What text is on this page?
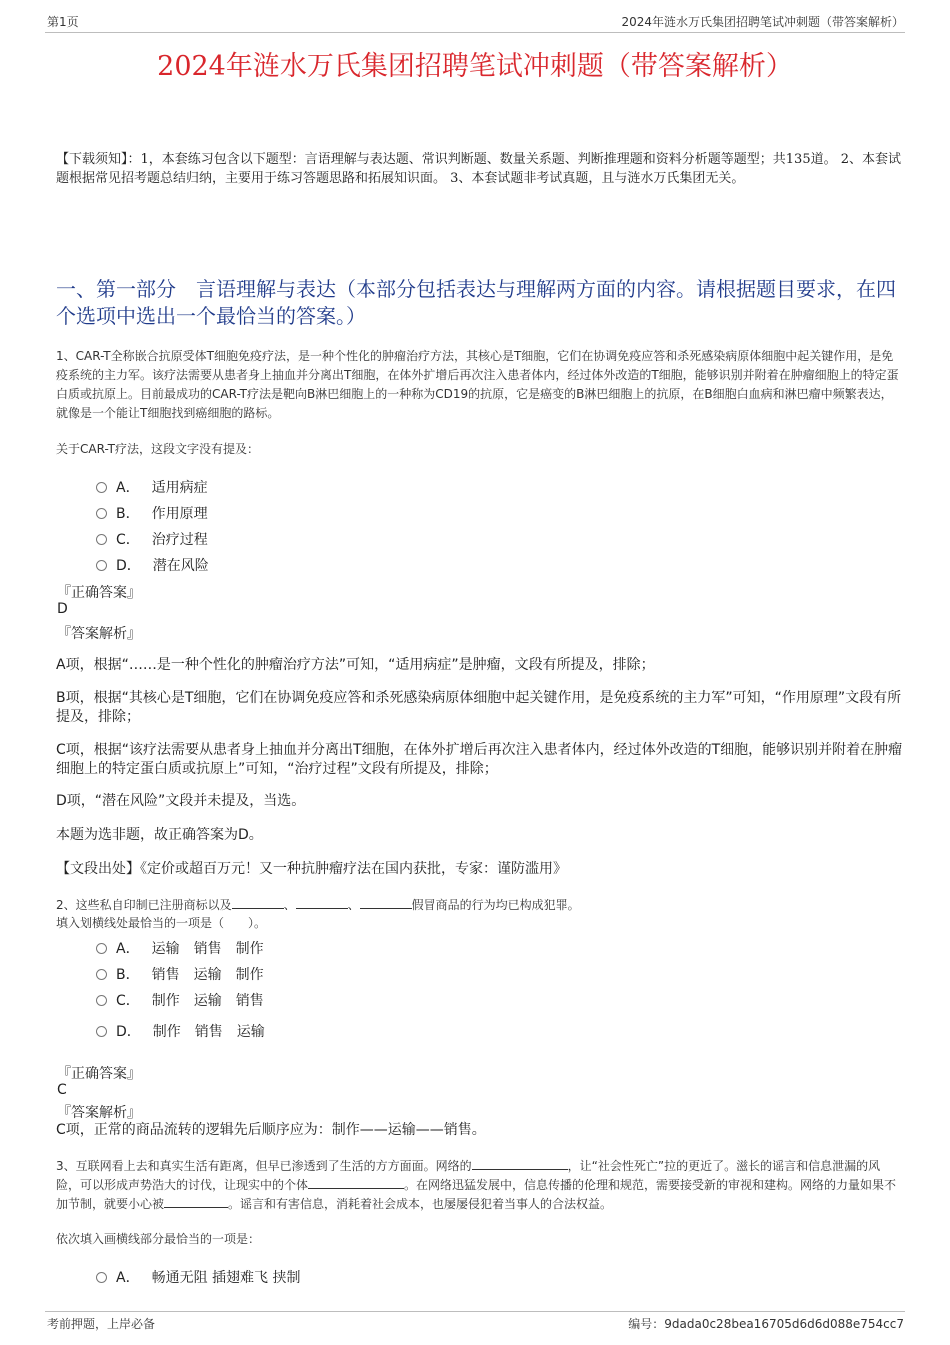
第1页	2024年涟水万氏集团招聘笔试冲刺题（带答案解析）
2024年涟水万氏集团招聘笔试冲刺题（带答案解析）
【下载须知】：1，本套练习包含以下题型：言语理解与表达题、常识判断题、数量关系题、判断推理题和资料分析题等题型；共135道。 2、本套试题根据常见招考题总结归纳，主要用于练习答题思路和拓展知识面。 3、本套试题非考试真题，且与涟水万氏集团无关。
一、第一部分　言语理解与表达（本部分包括表达与理解两方面的内容。请根据题目要求，在四个选项中选出一个最恰当的答案。）
1、CAR-T全称嵌合抗原受体T细胞免疫疗法，是一种个性化的肿瘤治疗方法，其核心是T细胞，它们在协调免疫应答和杀死感染病原体细胞中起关键作用，是免疫系统的主力军。该疗法需要从患者身上抽血并分离出T细胞，在体外扩增后再次注入患者体内，经过体外改造的T细胞，能够识别并附着在肿瘤细胞上的特定蛋白质或抗原上。目前最成功的CAR-T疗法是靶向B淋巴细胞上的一种称为CD19的抗原，它是癌变的B淋巴细胞上的抗原，在B细胞白血病和淋巴瘤中频繁表达，就像是一个能让T细胞找到癌细胞的路标。
关于CAR-T疗法，这段文字没有提及：
A． 适用病症
B． 作用原理
C． 治疗过程
D． 潜在风险
『正确答案』
D
『答案解析』
A项，根据“……是一种个性化的肿瘤治疗方法”可知，“适用病症”是肿瘤，文段有所提及，排除；
B项，根据“其核心是T细胞，它们在协调免疫应答和杀死感染病原体细胞中起关键作用，是免疫系统的主力军”可知，“作用原理”文段有所提及，排除；
C项，根据“该疗法需要从患者身上抽血并分离出T细胞，在体外扩增后再次注入患者体内，经过体外改造的T细胞，能够识别并附着在肿瘤细胞上的特定蛋白质或抗原上”可知，“治疗过程”文段有所提及，排除；
D项，“潜在风险”文段并未提及，当选。
本题为选非题，故正确答案为D。
【文段出处】《定价或超百万元！又一种抗肿瘤疗法在国内获批，专家：谨防滥用》
2、这些私自印制已注册商标以及	、	、	假冒商品的行为均已构成犯罪。
填入划横线处最恰当的一项是（　　）。
A． 运输　销售　制作
B． 销售　运输　制作
C． 制作　运输　销售
D． 制作　销售　运输
『正确答案』
C
『答案解析』
C项，正常的商品流转的逻辑先后顺序应为：制作——运输——销售。
3、互联网看上去和真实生活有距离，但早已渗透到了生活的方方面面。网络的	，让“社会性死亡”拉的更近了。滋长的谣言和信息泄漏的风险，可以形成声势浩大的讨伐，让现实中的个体	。在网络迅猛发展中，信息传播的伦理和规范，需要接受新的审视和建构。网络的力量如果不加节制，就要小心被	。谣言和有害信息，消耗着社会成本，也屡屡侵犯着当事人的合法权益。
依次填入画横线部分最恰当的一项是：
A． 畅通无阻 插翅难飞 挟制
考前押题，上岸必备	编号：9dada0c28bea16705d6d6d088e754cc7
